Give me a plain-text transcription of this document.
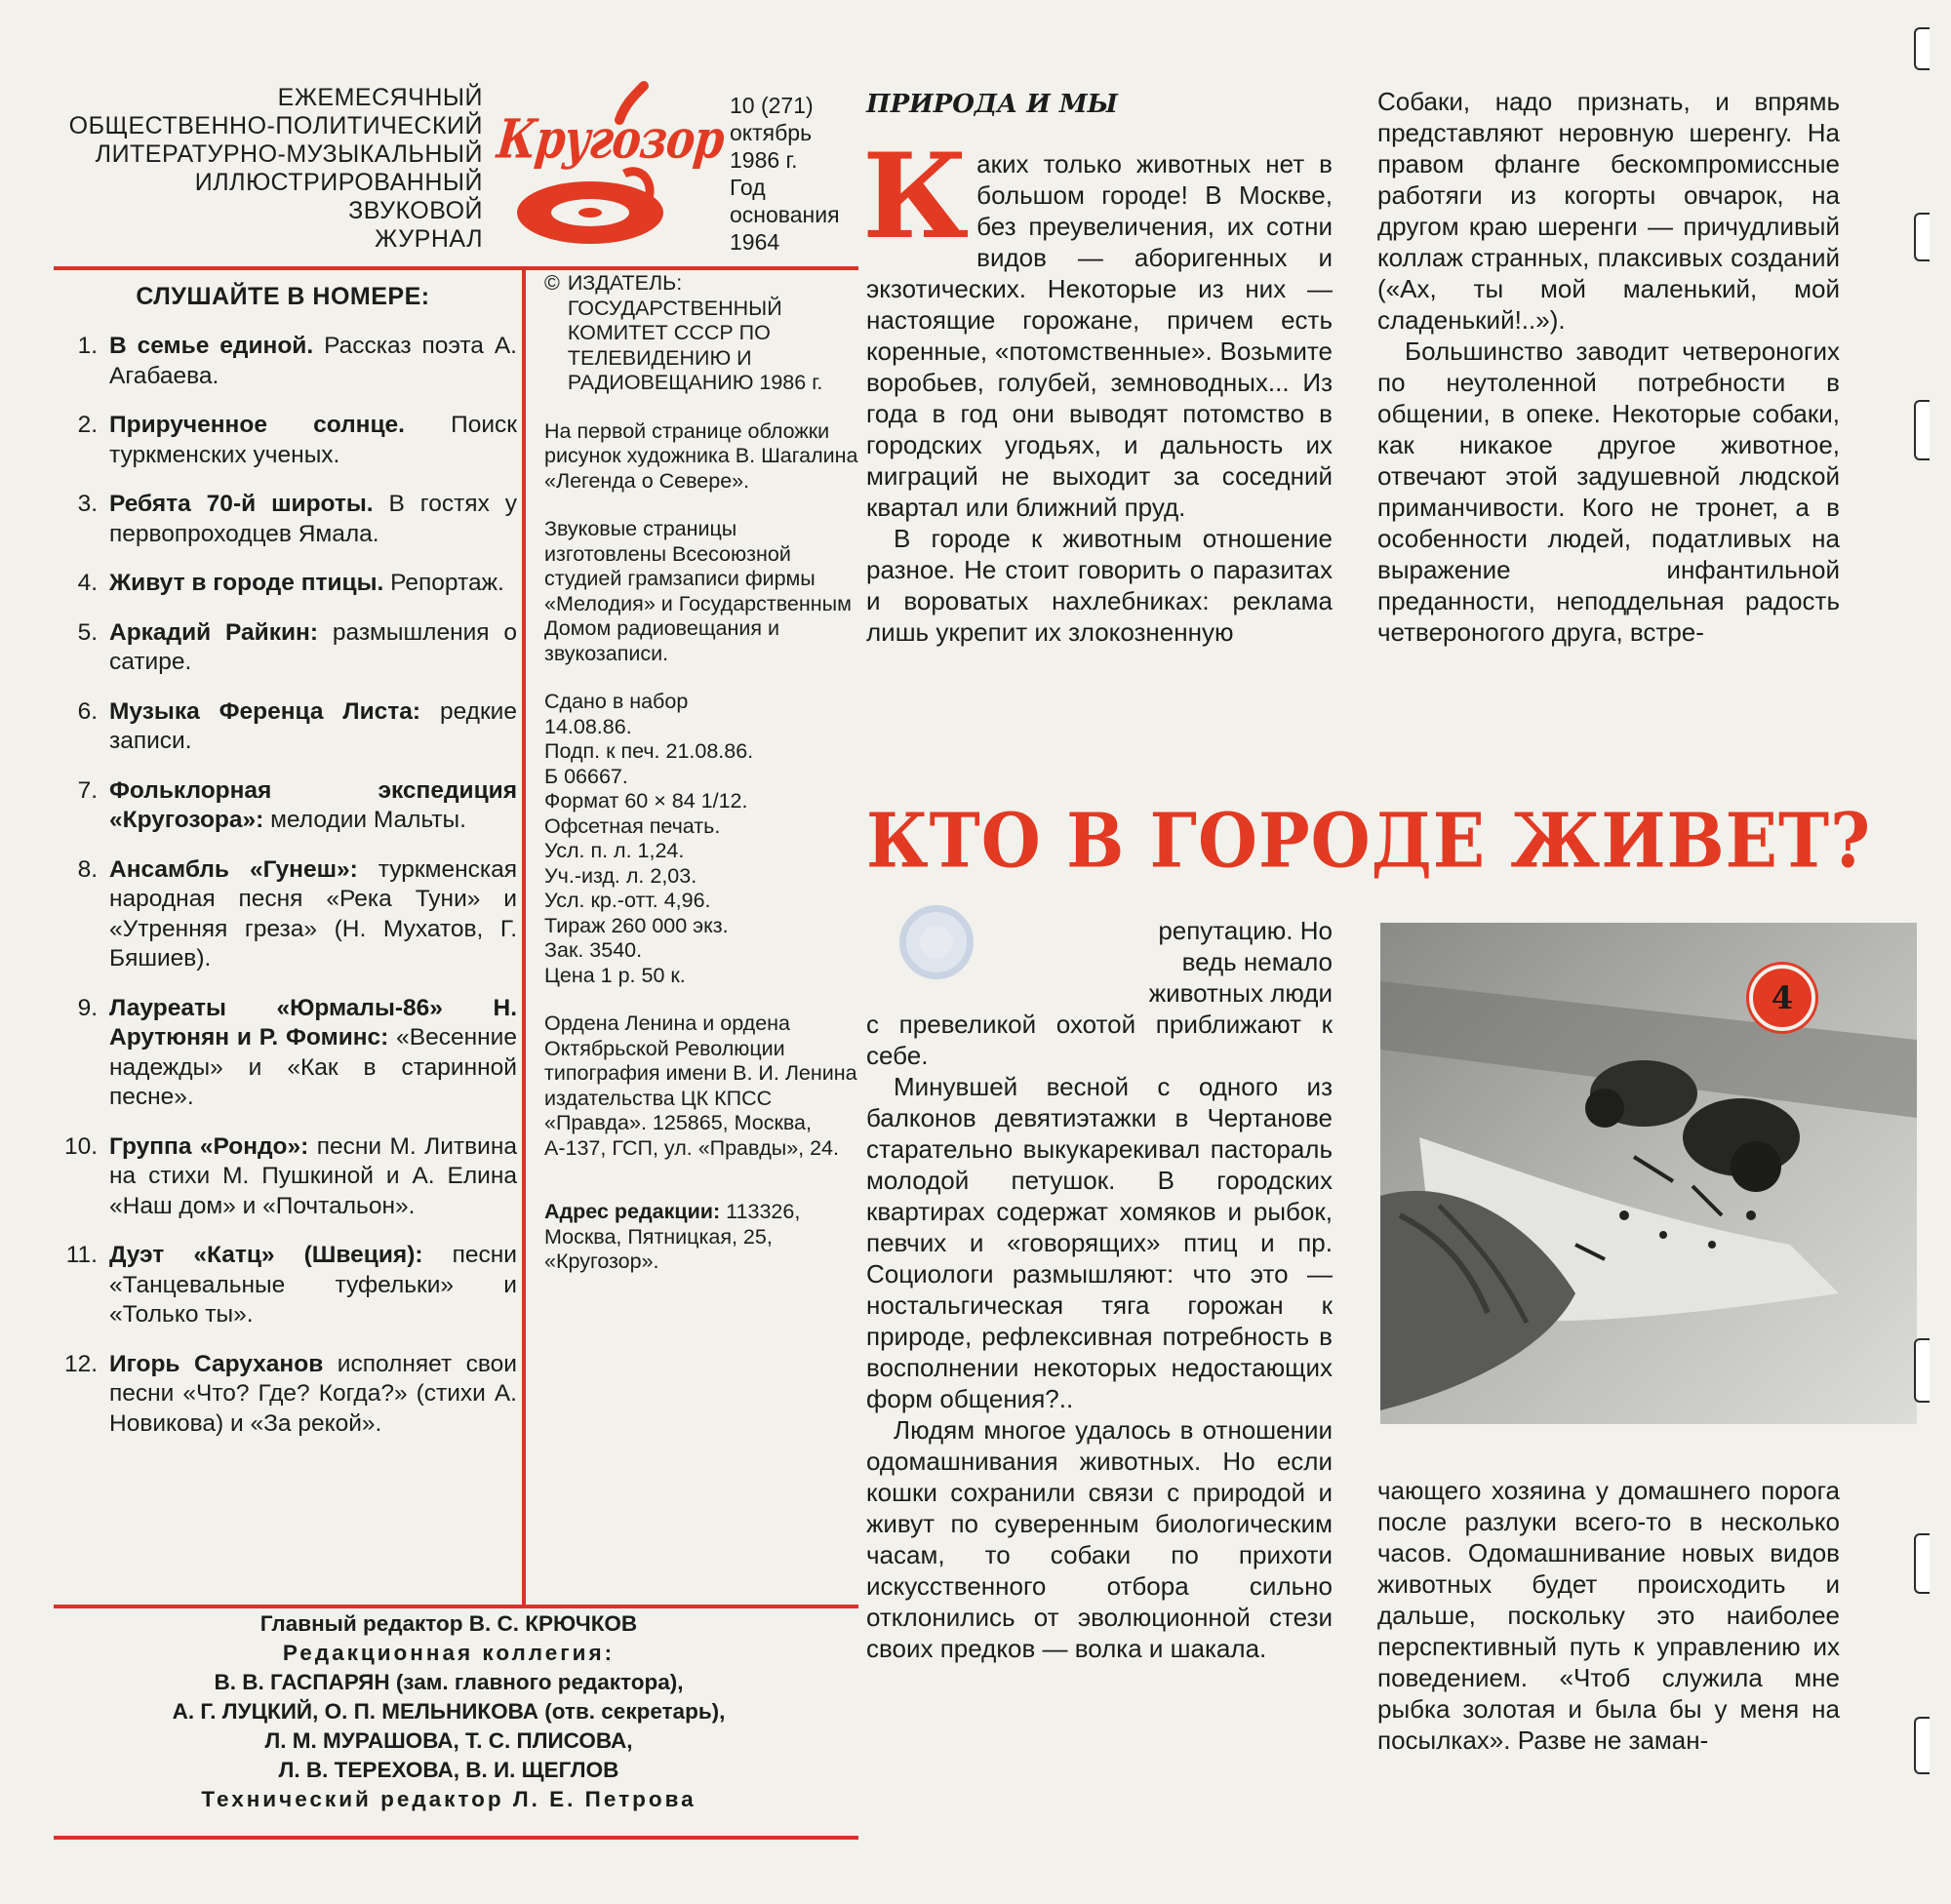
ЕЖЕМЕСЯЧНЫЙ
ОБЩЕСТВЕННО-ПОЛИТИЧЕСКИЙ
ЛИТЕРАТУРНО-МУЗЫКАЛЬНЫЙ
ИЛЛЮСТРИРОВАННЫЙ
ЗВУКОВОЙ
ЖУРНАЛ
Кругозор
10 (271)
октябрь
1986 г.
Год
основания
1964
СЛУШАЙТЕ В НОМЕРЕ:
1. В семье единой. Рассказ поэта А. Агабаева.
2. Прирученное солнце. Поиск туркменских ученых.
3. Ребята 70-й широты. В гостях у первопроходцев Ямала.
4. Живут в городе птицы. Репортаж.
5. Аркадий Райкин: размышления о сатире.
6. Музыка Ференца Листа: редкие записи.
7. Фольклорная экспедиция «Кругозора»: мелодии Мальты.
8. Ансамбль «Гунеш»: туркменская народная песня «Река Туни» и «Утренняя греза» (Н. Мухатов, Г. Бяшиев).
9. Лауреаты «Юрмалы-86» Н. Арутюнян и Р. Фоминс: «Весенние надежды» и «Как в старинной песне».
10. Группа «Рондо»: песни М. Литвина на стихи М. Пушкиной и А. Елина «Наш дом» и «Почтальон».
11. Дуэт «Катц» (Швеция): песни «Танцевальные туфельки» и «Только ты».
12. Игорь Саруханов исполняет свои песни «Что? Где? Когда?» (стихи А. Новикова) и «За рекой».

© ИЗДАТЕЛЬ: ГОСУДАРСТВЕННЫЙ КОМИТЕТ СССР ПО ТЕЛЕВИДЕНИЮ И РАДИОВЕЩАНИЮ 1986 г.

На первой странице обложки рисунок художника В. Шагалина «Легенда о Севере».

Звуковые страницы изготовлены Всесоюзной студией грамзаписи фирмы «Мелодия» и Государственным Домом радиовещания и звукозаписи.

Сдано в набор
14.08.86.
Подп. к печ. 21.08.86.
Б 06667.
Формат 60 × 84 1/12.
Офсетная печать.
Усл. п. л. 1,24.
Уч.-изд. л. 2,03.
Усл. кр.-отт. 4,96.
Тираж 260 000 экз.
Зак. 3540.
Цена 1 р. 50 к.

Ордена Ленина и ордена Октябрьской Революции типография имени В. И. Ленина издательства ЦК КПСС «Правда». 125865, Москва, А-137, ГСП, ул. «Правды», 24.

Адрес редакции: 113326, Москва, Пятницкая, 25, «Кругозор».

Главный редактор В. С. КРЮЧКОВ
Редакционная коллегия:
В. В. ГАСПАРЯН (зам. главного редактора),
А. Г. ЛУЦКИЙ, О. П. МЕЛЬНИКОВА (отв. секретарь),
Л. М. МУРАШОВА, Т. С. ПЛИСОВА,
Л. В. ТЕРЕХОВА, В. И. ЩЕГЛОВ
Технический редактор Л. Е. Петрова
ПРИРОДА И МЫ

Каких только животных нет в большом городе! В Москве, без преувеличения, их сотни видов — аборигенных и экзотических. Некоторые из них — настоящие горожане, причем есть коренные, «потомственные». Возьмите воробьев, голубей, земноводных... Из года в год они выводят потомство в городских угодьях, и дальность их миграций не выходит за соседний квартал или ближний пруд.

В городе к животным отношение разное. Не стоит говорить о паразитах и вороватых нахлебниках: реклама лишь укрепит их злокозненную

Собаки, надо признать, и впрямь представляют неровную шеренгу. На правом фланге бескомпромиссные работяги из когорты овчарок, на другом краю шеренги — причудливый коллаж странных, плаксивых созданий («Ах, ты мой маленький, мой сладенький!..»).

Большинство заводит четвероногих по неутоленной потребности в общении, в опеке. Некоторые собаки, как никакое другое животное, отвечают этой задушевной людской приманчивости. Кого не тронет, а в особенности людей, податливых на выражение инфантильной преданности, неподдельная радость четвероногого друга, встре-

КТО В ГОРОДЕ ЖИВЕТ?
репутацию. Но
ведь немало
животных люди

с превеликой охотой приближают к себе.

Минувшей весной с одного из балконов девятиэтажки в Чертанове старательно выкукарекивал пастораль молодой петушок. В городских квартирах содержат хомяков и рыбок, певчих и «говорящих» птиц и пр. Социологи размышляют: что это — ностальгическая тяга горожан к природе, рефлексивная потребность в восполнении некоторых недостающих форм общения?..

Людям многое удалось в отношении одомашнивания животных. Но если кошки сохранили связи с природой и живут по суверенным биологическим часам, то собаки по прихоти искусственного отбора сильно отклонились от эволюционной стези своих предков — волка и шакала.

4

чающего хозяина у домашнего порога после разлуки всего-то в несколько часов. Одомашнивание новых видов животных будет происходить и дальше, поскольку это наиболее перспективный путь к управлению их поведением. «Чтоб служила мне рыбка золотая и была бы у меня на посылках». Разве не заман-
